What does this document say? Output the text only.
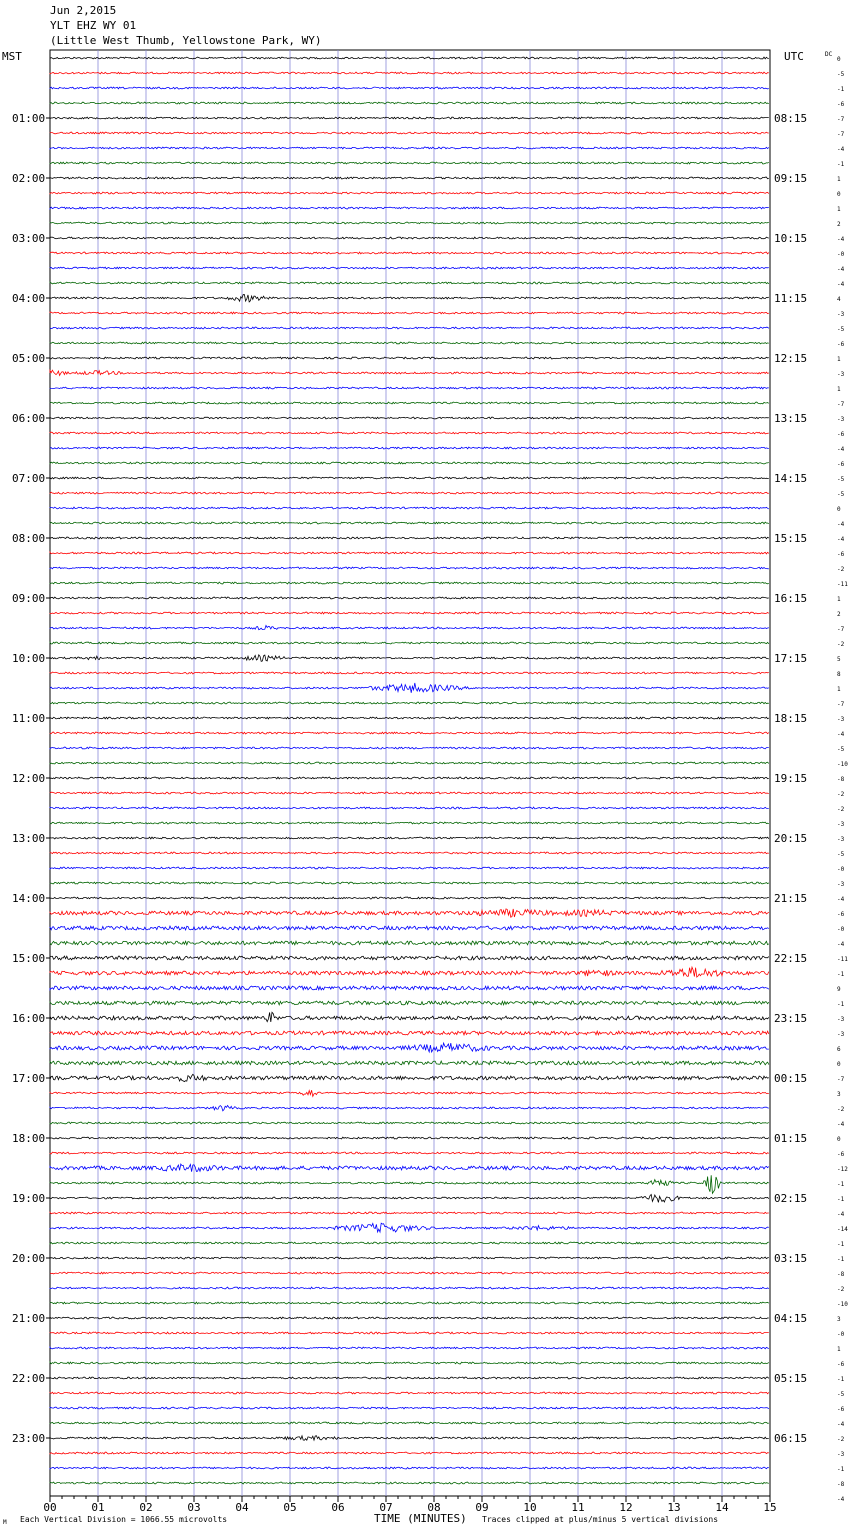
Jun 2,2015
YLT EHZ WY 01
(Little West Thumb, Yellowstone Park, WY)
MST	UTC	DC
01:00
02:00
03:00
04:00
05:00
06:00
07:00
08:00
09:00
10:00
11:00
12:00
13:00
14:00
15:00
16:00
17:00
18:00
19:00
20:00
21:00
22:00
23:00
08:15
09:15
10:15
11:15
12:15
13:15
14:15
15:15
16:15
17:15
18:15
19:15
20:15
21:15
22:15
23:15
00:15
01:15
02:15
03:15
04:15
05:15
06:15
0
-5
-1
-6
-7
-7
-4
-1
1
0
1
2
-4
-0
-4
-4
4
-3
-5
-6
1
-3
1
-7
-3
-6
-4
-6
-5
-5
0
-4
-4
-6
-2
-11
1
2
-7
-2
5
8
1
-7
-3
-4
-5
-10
-8
-2
-2
-3
-3
-5
-0
-3
-4
-6
-0
-4
-11
-1
9
-1
-3
-3
6
0
-7
3
-2
-4
0
-6
-12
-1
-1
-4
-14
-1
-1
-8
-2
-10
3
-0
1
-6
-1
-5
-6
-4
-2
-3
-1
-8
-4
00	01	02	03	04	05	06	07	08	09	10	11	12	13	14	15
TIME (MINUTES)
Each Vertical Division = 1066.55 microvolts	Traces clipped at plus/minus 5 vertical divisions
M
